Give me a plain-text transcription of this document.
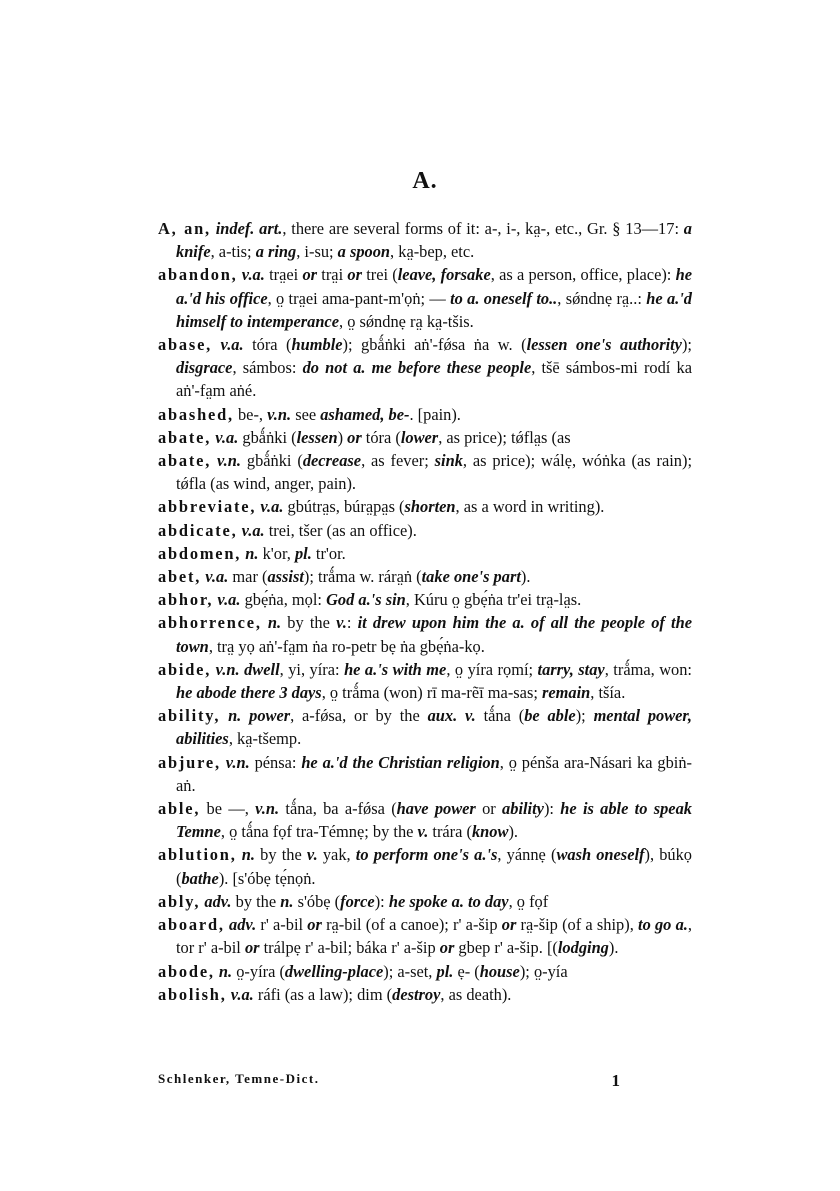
A.

A, an, indef. art., there are several forms of it: a-, i-, ka̤-, etc., Gr. § 13—17: a knife, a-tis; a ring, i-su; a spoon, ka̤-bep, etc.

abandon, v.a. tra̤ei or tra̤i or trei (leave, forsake, as a person, office, place): he a.'d his office, o̤ tra̤ei ama-pant-m'ọṅ; — to a. oneself to.., sǿndnẹ ra̤..: he a.'d himself to intemperance, o̤ sǿndnẹ ra̤ ka̤-tšis.

abase, v.a. tóra (humble); gbǻṅki aṅ'-fǿsa ṅa w. (lessen one's authority); disgrace, sámbos: do not a. me before these people, tšē sámbos-mi rodí ka aṅ'-fa̤m aṅé.

abashed, be-, v.n. see ashamed, be-. [pain).

abate, v.a. gbǻṅki (lessen) or tóra (lower, as price); tǿfla̤s (as

abate, v.n. gbǻṅki (decrease, as fever; sink, as price); wálẹ, wóṅka (as rain); tǿfla (as wind, anger, pain).

abbreviate, v.a. gbútra̤s, búra̤pa̤s (shorten, as a word in writing).

abdicate, v.a. trei, tšer (as an office).

abdomen, n. k'or, pl. tr'or.

abet, v.a. mar (assist); trǻma w. rára̤ṅ (take one's part).

abhor, v.a. gbẹ́ṅa, mọl: God a.'s sin, Kúru o̤ gbẹ́ṅa tr'ei tra̤-la̤s.

abhorrence, n. by the v.: it drew upon him the a. of all the people of the town, tra̤ yọ aṅ'-fa̤m ṅa ro-petr bẹ ṅa gbẹ́ṅa-kọ.

abide, v.n. dwell, yi, yíra: he a.'s with me, o̤ yíra rọmí; tarry, stay, trǻma, won: he abode there 3 days, o̤ trǻma (won) rī ma-rẽī ma-sas; remain, tšía.

ability, n. power, a-fǿsa, or by the aux. v. tǻna (be able); mental power, abilities, ka̤-tšemp.

abjure, v.n. pénsa: he a.'d the Christian religion, o̤ pénša ara-Násari ka gbiṅ-aṅ.

able, be —, v.n. tǻna, ba a-fǿsa (have power or ability): he is able to speak Temne, o̤ tǻna fọf tra-Témnẹ; by the v. trára (know).

ablution, n. by the v. yak, to perform one's a.'s, yánnẹ (wash oneself), búkọ (bathe). [s'óbẹ tẹ́nọṅ.

ably, adv. by the n. s'óbẹ (force): he spoke a. to day, o̤ fọf

aboard, adv. r' a-bil or ra̤-bil (of a canoe); r' a-šip or ra̤-šip (of a ship), to go a., tor r' a-bil or trálpẹ r' a-bil; báka r' a-šip or gbep r' a-šip. [(lodging).

abode, n. o̤-yíra (dwelling-place); a-set, pl. ẹ- (house); o̤-yía

abolish, v.a. ráfi (as a law); dim (destroy, as death).

Schlenker, Temne-Dict.	1
